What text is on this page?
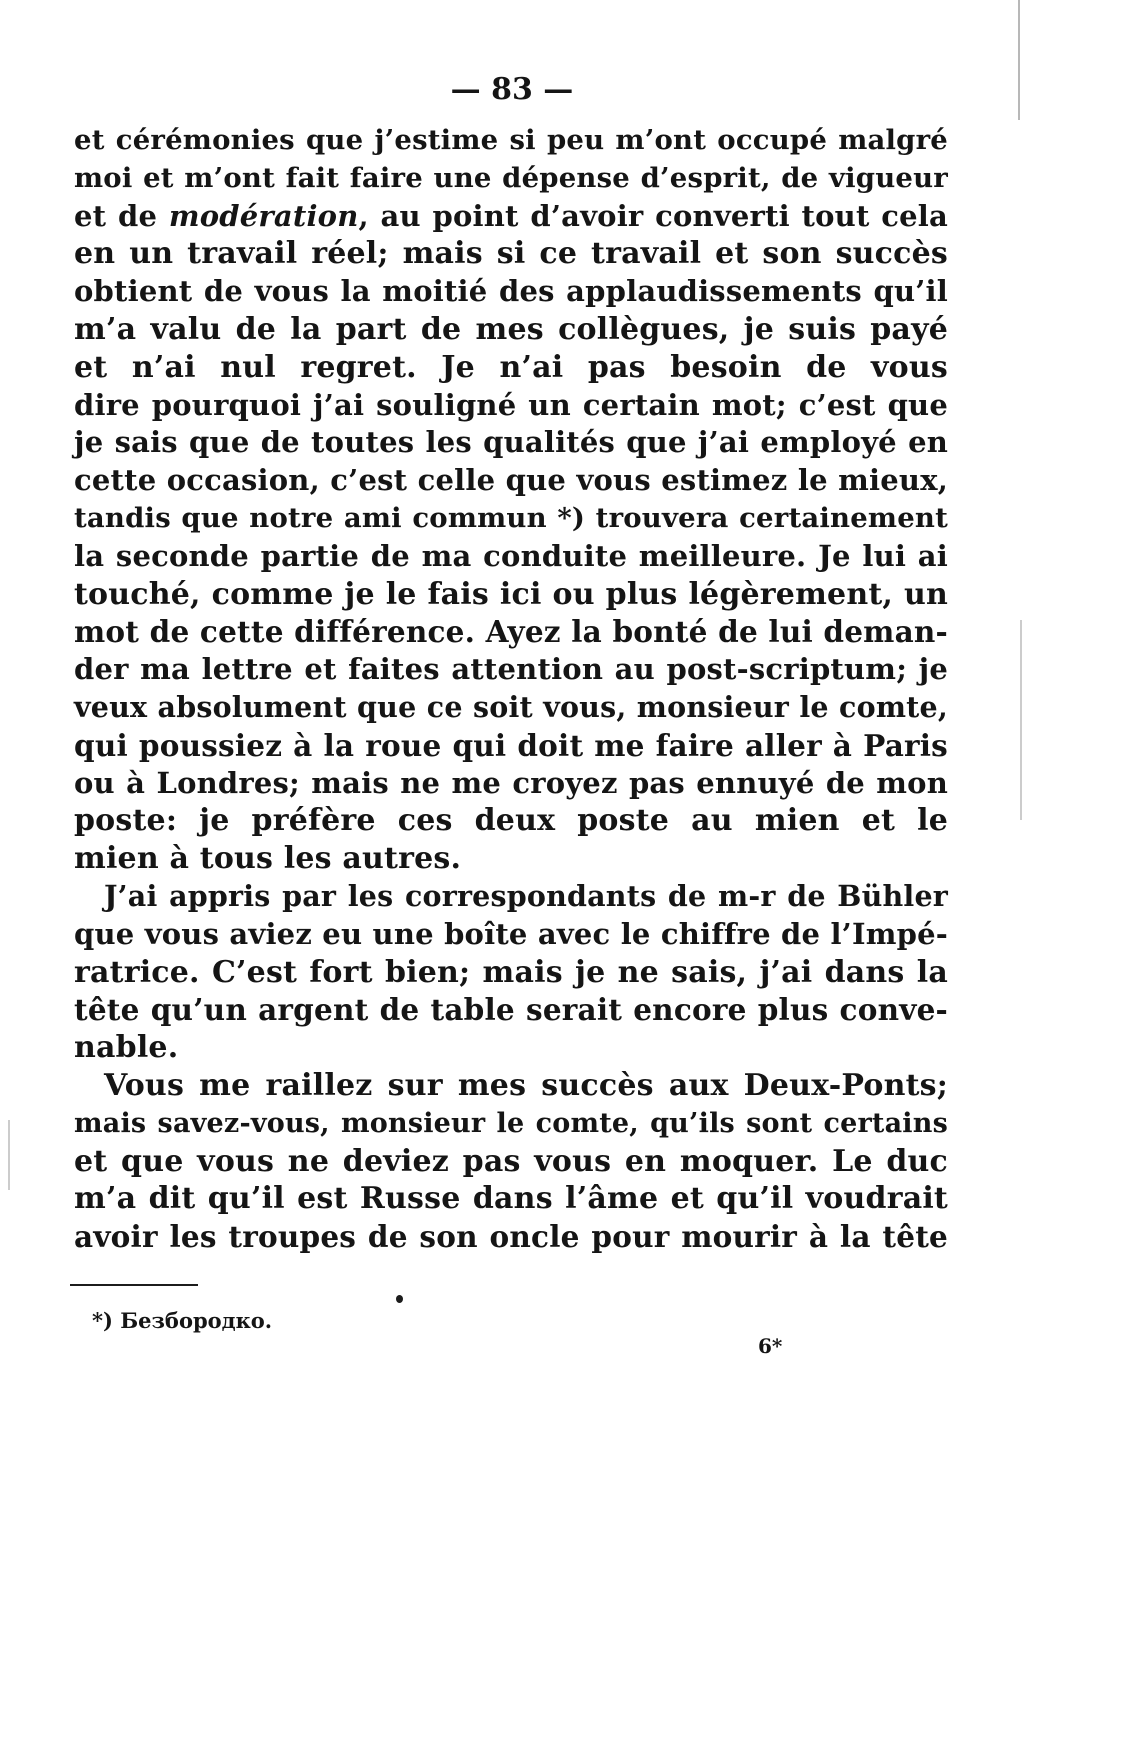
— 83 —
et cérémonies que j’estime si peu m’ont occupé malgré
moi et m’ont fait faire une dépense d’esprit, de vigueur
et de modération, au point d’avoir converti tout cela
en un travail réel; mais si ce travail et son succès
obtient de vous la moitié des applaudissements qu’il
m’a valu de la part de mes collègues, je suis payé
et n’ai nul regret. Je n’ai pas besoin de vous
dire pourquoi j’ai souligné un certain mot; c’est que
je sais que de toutes les qualités que j’ai employé en
cette occasion, c’est celle que vous estimez le mieux,
tandis que notre ami commun *) trouvera certainement
la seconde partie de ma conduite meilleure. Je lui ai
touché, comme je le fais ici ou plus légèrement, un
mot de cette différence. Ayez la bonté de lui deman-
der ma lettre et faites attention au post-scriptum; je
veux absolument que ce soit vous, monsieur le comte,
qui poussiez à la roue qui doit me faire aller à Paris
ou à Londres; mais ne me croyez pas ennuyé de mon
poste: je préfère ces deux poste au mien et le
mien à tous les autres.
J’ai appris par les correspondants de m-r de Bühler
que vous aviez eu une boîte avec le chiffre de l’Impé-
ratrice. C’est fort bien; mais je ne sais, j’ai dans la
tête qu’un argent de table serait encore plus conve-
nable.
Vous me raillez sur mes succès aux Deux-Ponts;
mais savez-vous, monsieur le comte, qu’ils sont certains
et que vous ne deviez pas vous en moquer. Le duc
m’a dit qu’il est Russe dans l’âme et qu’il voudrait
avoir les troupes de son oncle pour mourir à la tête
*) Безбородко.
6*
